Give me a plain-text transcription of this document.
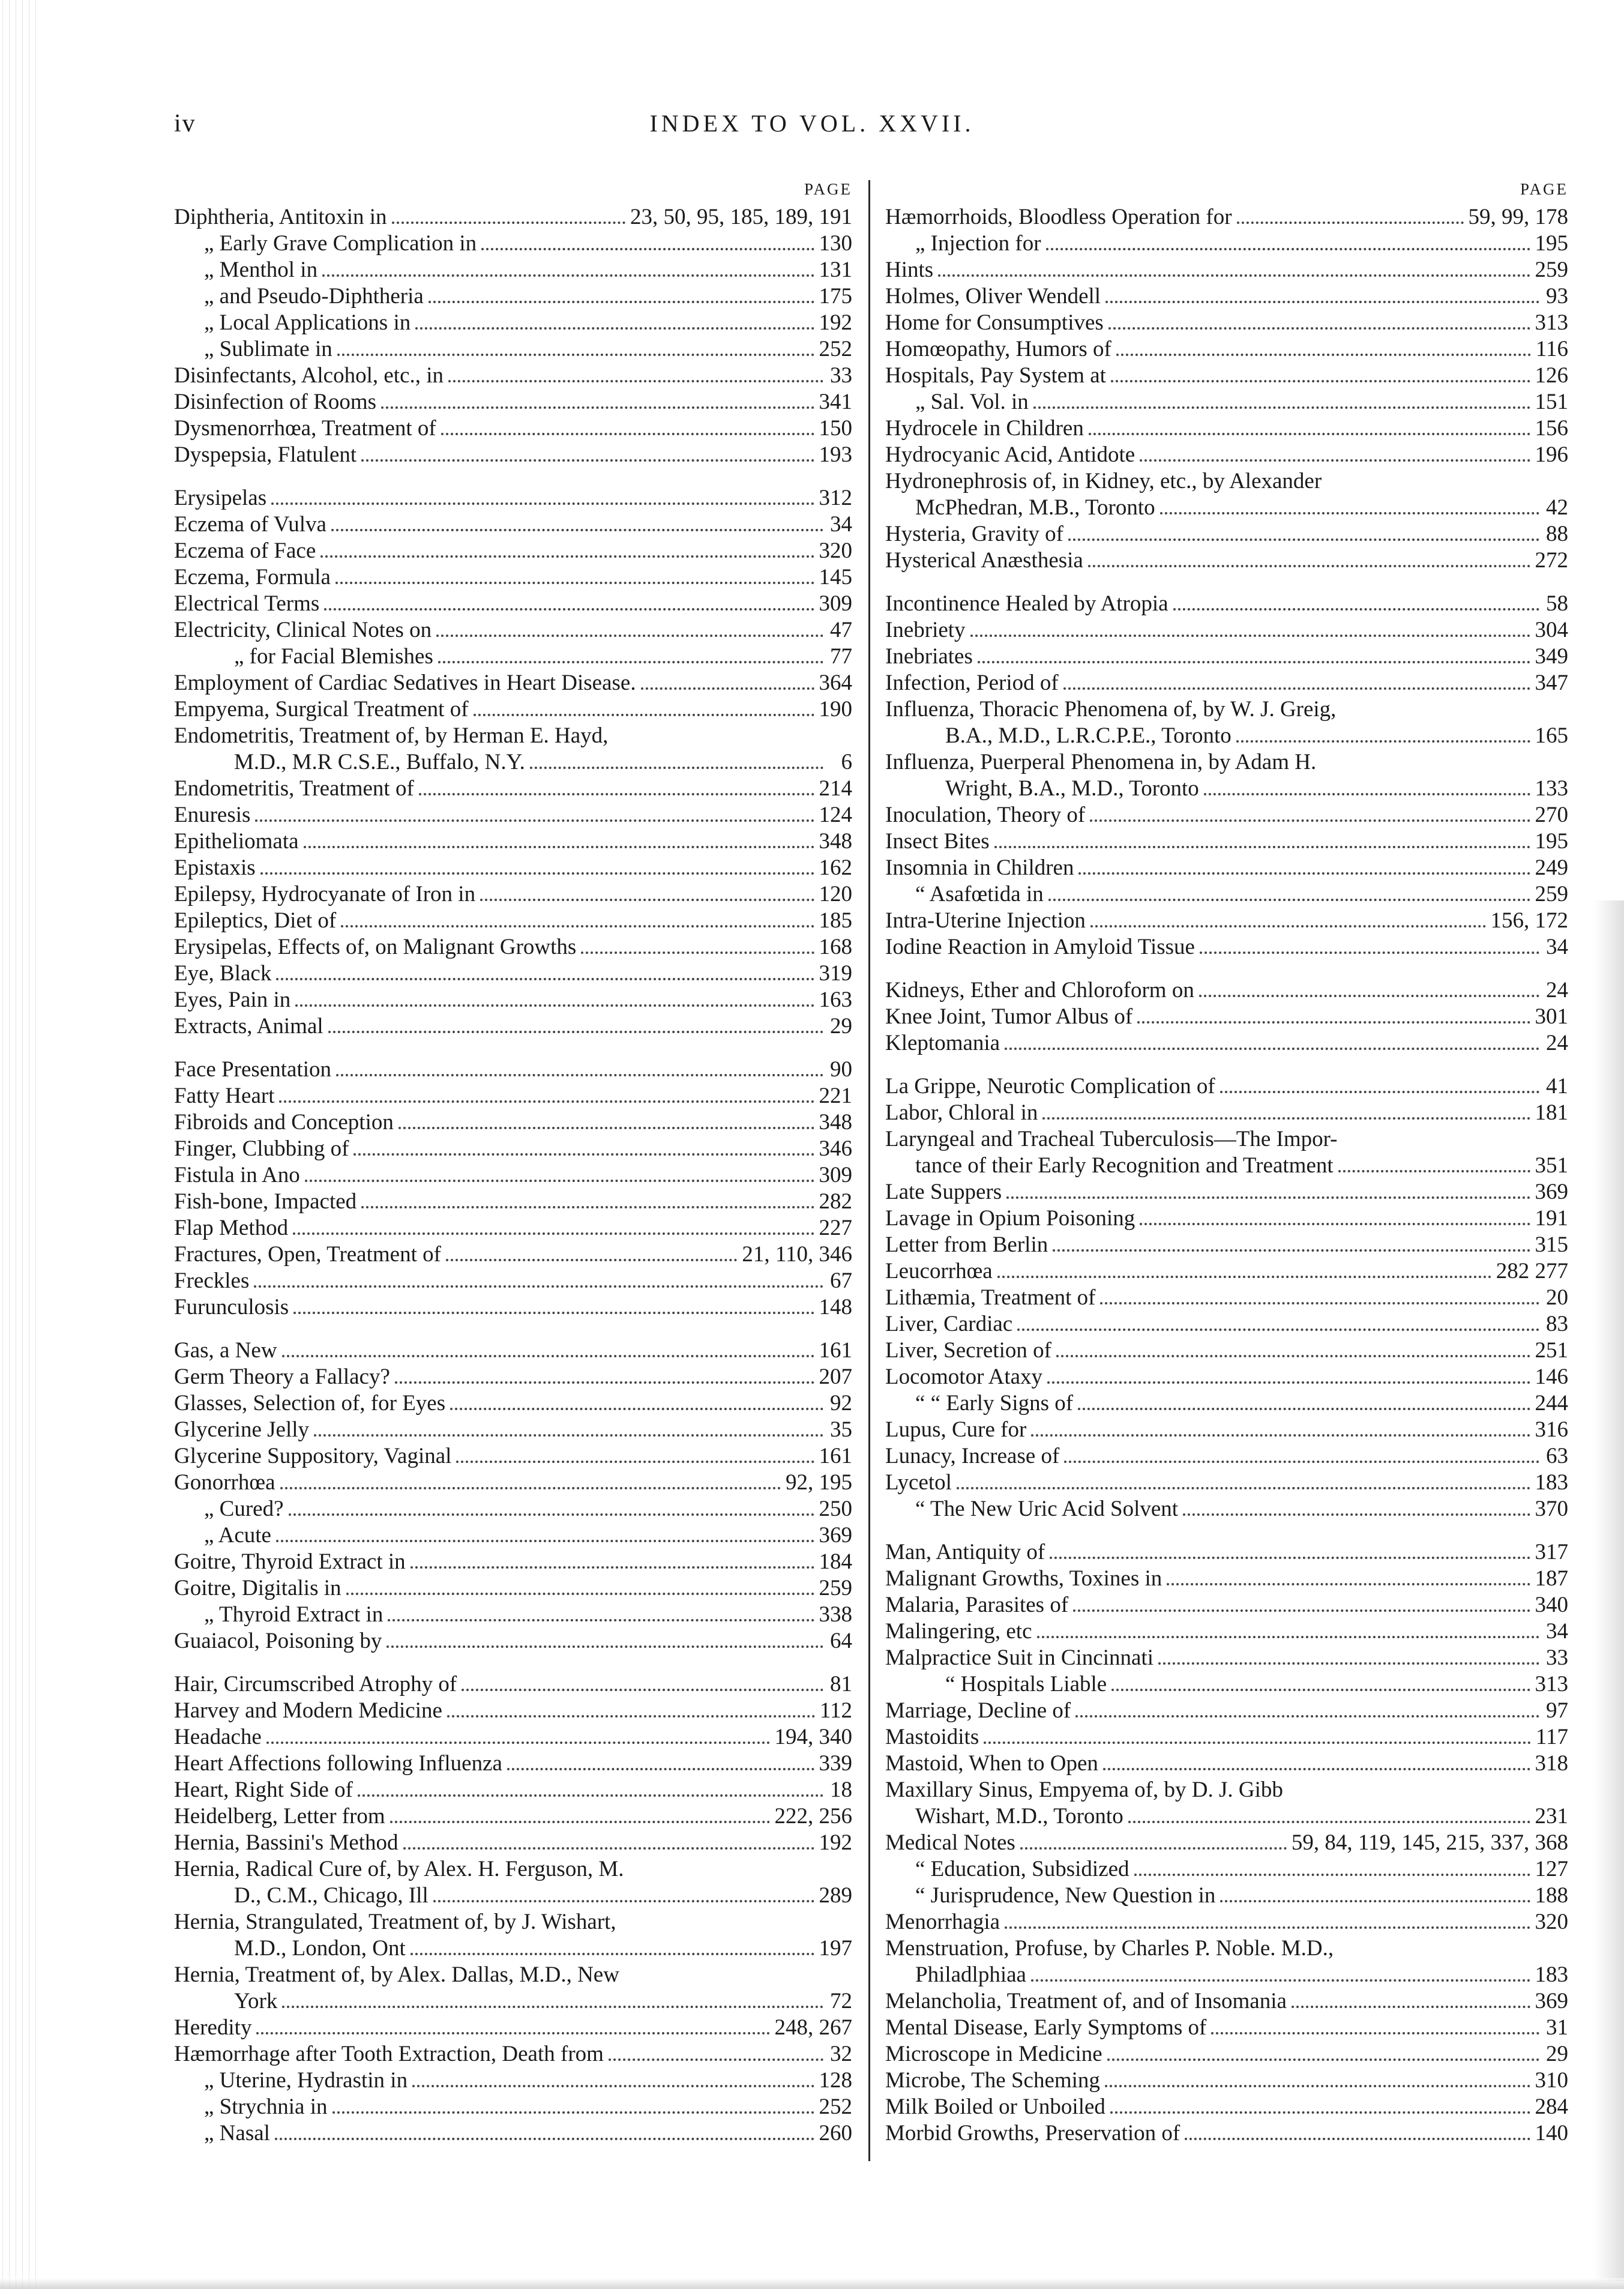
iv	INDEX TO VOL. XXVII.
PAGE
Diphtheria, Antitoxin in	23, 50, 95, 185, 189, 191
„ Early Grave Complication in	130
„ Menthol in	131
„ and Pseudo-Diphtheria	175
„ Local Applications in	192
„ Sublimate in	252
Disinfectants, Alcohol, etc., in	33
Disinfection of Rooms	341
Dysmenorrhœa, Treatment of	150
Dyspepsia, Flatulent	193
Erysipelas	312
Eczema of Vulva	34
Eczema of Face	320
Eczema, Formula	145
Electrical Terms	309
Electricity, Clinical Notes on	47
„ for Facial Blemishes	77
Employment of Cardiac Sedatives in Heart Disease.	364
Empyema, Surgical Treatment of	190
Endometritis, Treatment of, by Herman E. Hayd,
M.D., M.R C.S.E., Buffalo, N.Y.	6
Endometritis, Treatment of	214
Enuresis	124
Epitheliomata	348
Epistaxis	162
Epilepsy, Hydrocyanate of Iron in	120
Epileptics, Diet of	185
Erysipelas, Effects of, on Malignant Growths	168
Eye, Black	319
Eyes, Pain in	163
Extracts, Animal	29
Face Presentation	90
Fatty Heart	221
Fibroids and Conception	348
Finger, Clubbing of	346
Fistula in Ano	309
Fish-bone, Impacted	282
Flap Method	227
Fractures, Open, Treatment of	21, 110, 346
Freckles	67
Furunculosis	148
Gas, a New	161
Germ Theory a Fallacy?	207
Glasses, Selection of, for Eyes	92
Glycerine Jelly	35
Glycerine Suppository, Vaginal	161
Gonorrhœa	92, 195
„ Cured?	250
„ Acute	369
Goitre, Thyroid Extract in	184
Goitre, Digitalis in	259
„ Thyroid Extract in	338
Guaiacol, Poisoning by	64
Hair, Circumscribed Atrophy of	81
Harvey and Modern Medicine	112
Headache	194, 340
Heart Affections following Influenza	339
Heart, Right Side of	18
Heidelberg, Letter from	222, 256
Hernia, Bassini's Method	192
Hernia, Radical Cure of, by Alex. H. Ferguson, M.
D., C.M., Chicago, Ill	289
Hernia, Strangulated, Treatment of, by J. Wishart,
M.D., London, Ont	197
Hernia, Treatment of, by Alex. Dallas, M.D., New
York	72
Heredity	248, 267
Hæmorrhage after Tooth Extraction, Death from	32
„ Uterine, Hydrastin in	128
„ Strychnia in	252
„ Nasal	260
PAGE
Hæmorrhoids, Bloodless Operation for	59, 99, 178
„ Injection for	195
Hints	259
Holmes, Oliver Wendell	93
Home for Consumptives	313
Homœopathy, Humors of	116
Hospitals, Pay System at	126
„ Sal. Vol. in	151
Hydrocele in Children	156
Hydrocyanic Acid, Antidote	196
Hydronephrosis of, in Kidney, etc., by Alexander
McPhedran, M.B., Toronto	42
Hysteria, Gravity of	88
Hysterical Anæsthesia	272
Incontinence Healed by Atropia	58
Inebriety	304
Inebriates	349
Infection, Period of	347
Influenza, Thoracic Phenomena of, by W. J. Greig,
B.A., M.D., L.R.C.P.E., Toronto	165
Influenza, Puerperal Phenomena in, by Adam H.
Wright, B.A., M.D., Toronto	133
Inoculation, Theory of	270
Insect Bites	195
Insomnia in Children	249
“ Asafœtida in	259
Intra-Uterine Injection	156, 172
Iodine Reaction in Amyloid Tissue	34
Kidneys, Ether and Chloroform on	24
Knee Joint, Tumor Albus of	301
Kleptomania	24
La Grippe, Neurotic Complication of	41
Labor, Chloral in	181
Laryngeal and Tracheal Tuberculosis—The Impor-
tance of their Early Recognition and Treatment	351
Late Suppers	369
Lavage in Opium Poisoning	191
Letter from Berlin	315
Leucorrhœa	282 277
Lithæmia, Treatment of	20
Liver, Cardiac	83
Liver, Secretion of	251
Locomotor Ataxy	146
“ “ Early Signs of	244
Lupus, Cure for	316
Lunacy, Increase of	63
Lycetol	183
“ The New Uric Acid Solvent	370
Man, Antiquity of	317
Malignant Growths, Toxines in	187
Malaria, Parasites of	340
Malingering, etc	34
Malpractice Suit in Cincinnati	33
“ Hospitals Liable	313
Marriage, Decline of	97
Mastoidits	117
Mastoid, When to Open	318
Maxillary Sinus, Empyema of, by D. J. Gibb
Wishart, M.D., Toronto	231
Medical Notes	59, 84, 119, 145, 215, 337, 368
“ Education, Subsidized	127
“ Jurisprudence, New Question in	188
Menorrhagia	320
Menstruation, Profuse, by Charles P. Noble. M.D.,
Philadlphiaa	183
Melancholia, Treatment of, and of Insomania	369
Mental Disease, Early Symptoms of	31
Microscope in Medicine	29
Microbe, The Scheming	310
Milk Boiled or Unboiled	284
Morbid Growths, Preservation of	140
